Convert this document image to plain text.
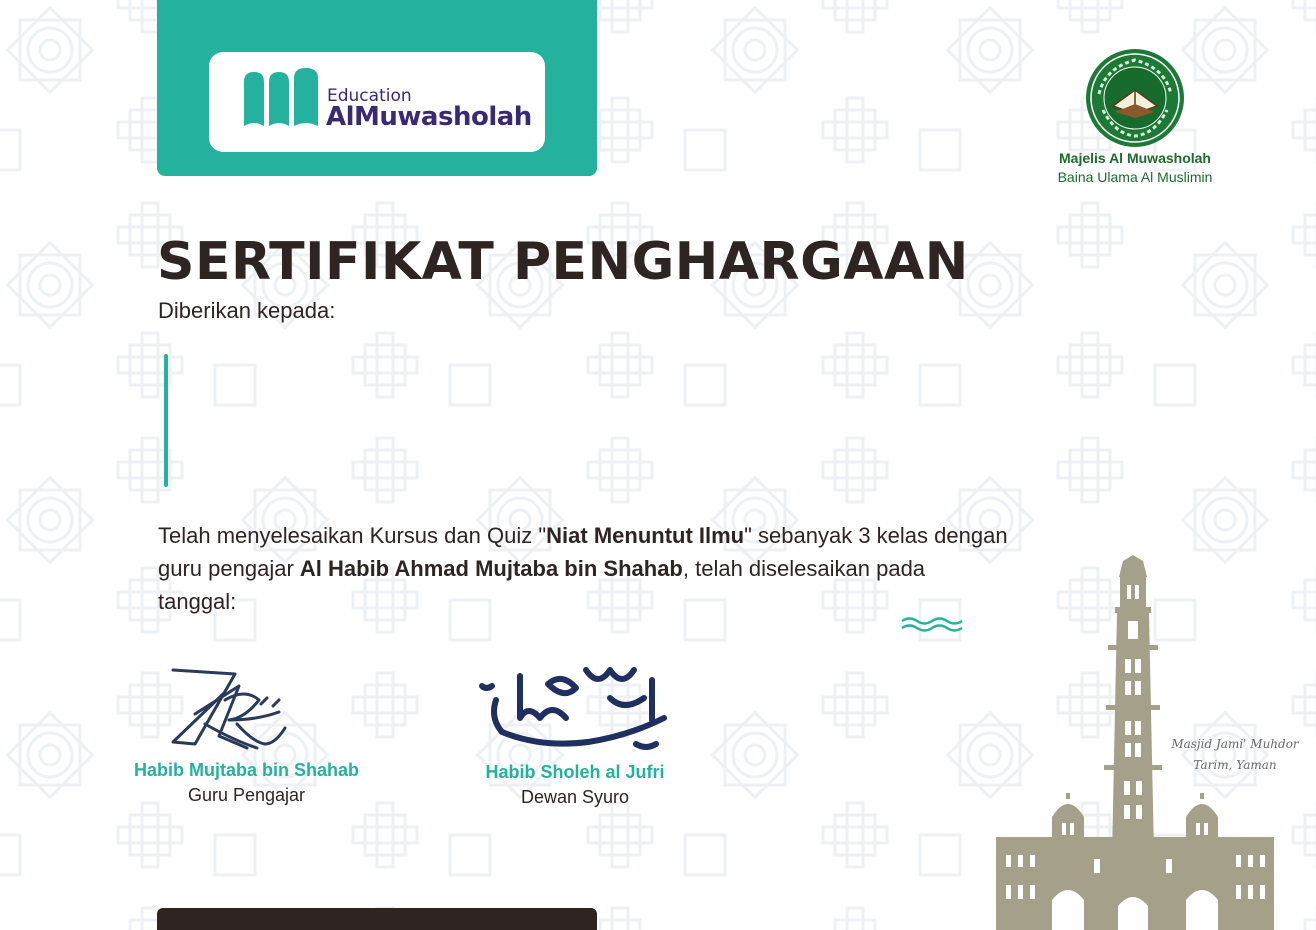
Education
AlMuwasholah
Majelis Al Muwasholah
Baina Ulama Al Muslimin
SERTIFIKAT PENGHARGAAN
Diberikan kepada:
Telah menyelesaikan Kursus dan Quiz "Niat Menuntut Ilmu" sebanyak 3 kelas dengan guru pengajar Al Habib Ahmad Mujtaba bin Shahab, telah diselesaikan pada tanggal:
Habib Mujtaba bin Shahab
Guru Pengajar
Habib Sholeh al Jufri
Dewan Syuro
Masjid Jami' Muhdor
Tarim, Yaman
